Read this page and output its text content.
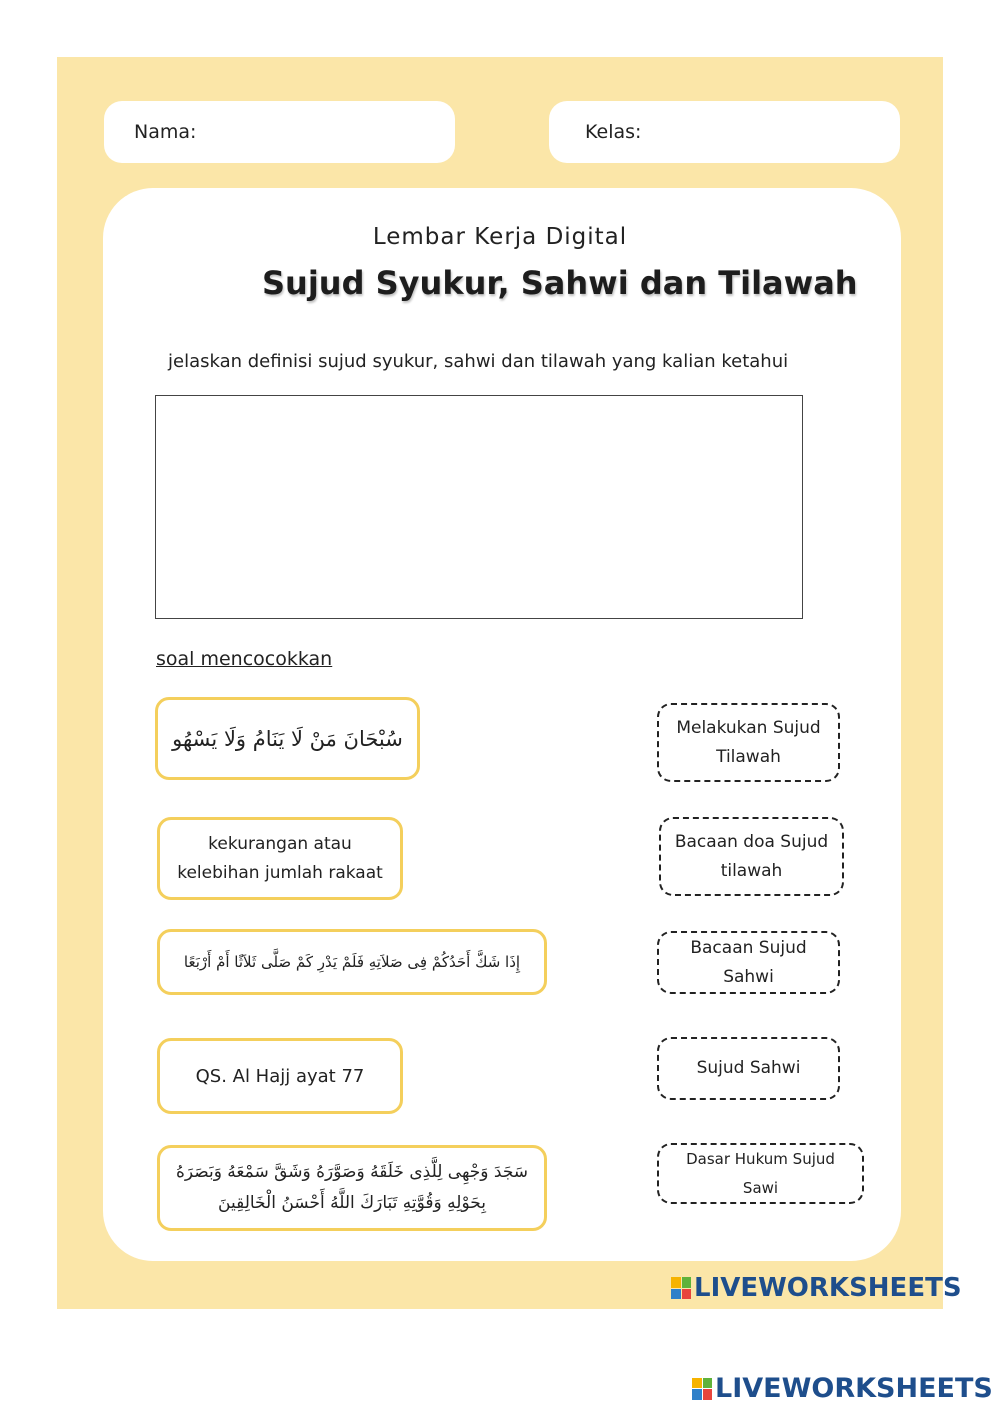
Nama:	Kelas:
Lembar Kerja Digital
Sujud Syukur, Sahwi dan Tilawah
jelaskan definisi sujud syukur, sahwi dan tilawah yang kalian ketahui
soal mencocokkan
سُبْحَانَ مَنْ لَا يَنَامُ وَلَا يَسْهُو
kekurangan atau kelebihan jumlah rakaat
إِذَا شَكَّ أَحَدُكُمْ فِى صَلاَتِهِ فَلَمْ يَدْرِ كَمْ صَلَّى ثَلاَثًا أَمْ أَرْبَعًا
QS. Al Hajj ayat 77
سَجَدَ وَجْهِى لِلَّذِى خَلَقَهُ وَصَوَّرَهُ وَشَقَّ سَمْعَهُ وَبَصَرَهُ بِحَوْلِهِ وَقُوَّتِهِ تَبَارَكَ اللَّهُ أَحْسَنُ الْخَالِقِينَ
Melakukan Sujud Tilawah
Bacaan doa Sujud tilawah
Bacaan Sujud Sahwi
Sujud Sahwi
Dasar Hukum Sujud Sawi
LIVEWORKSHEETS
LIVEWORKSHEETS
